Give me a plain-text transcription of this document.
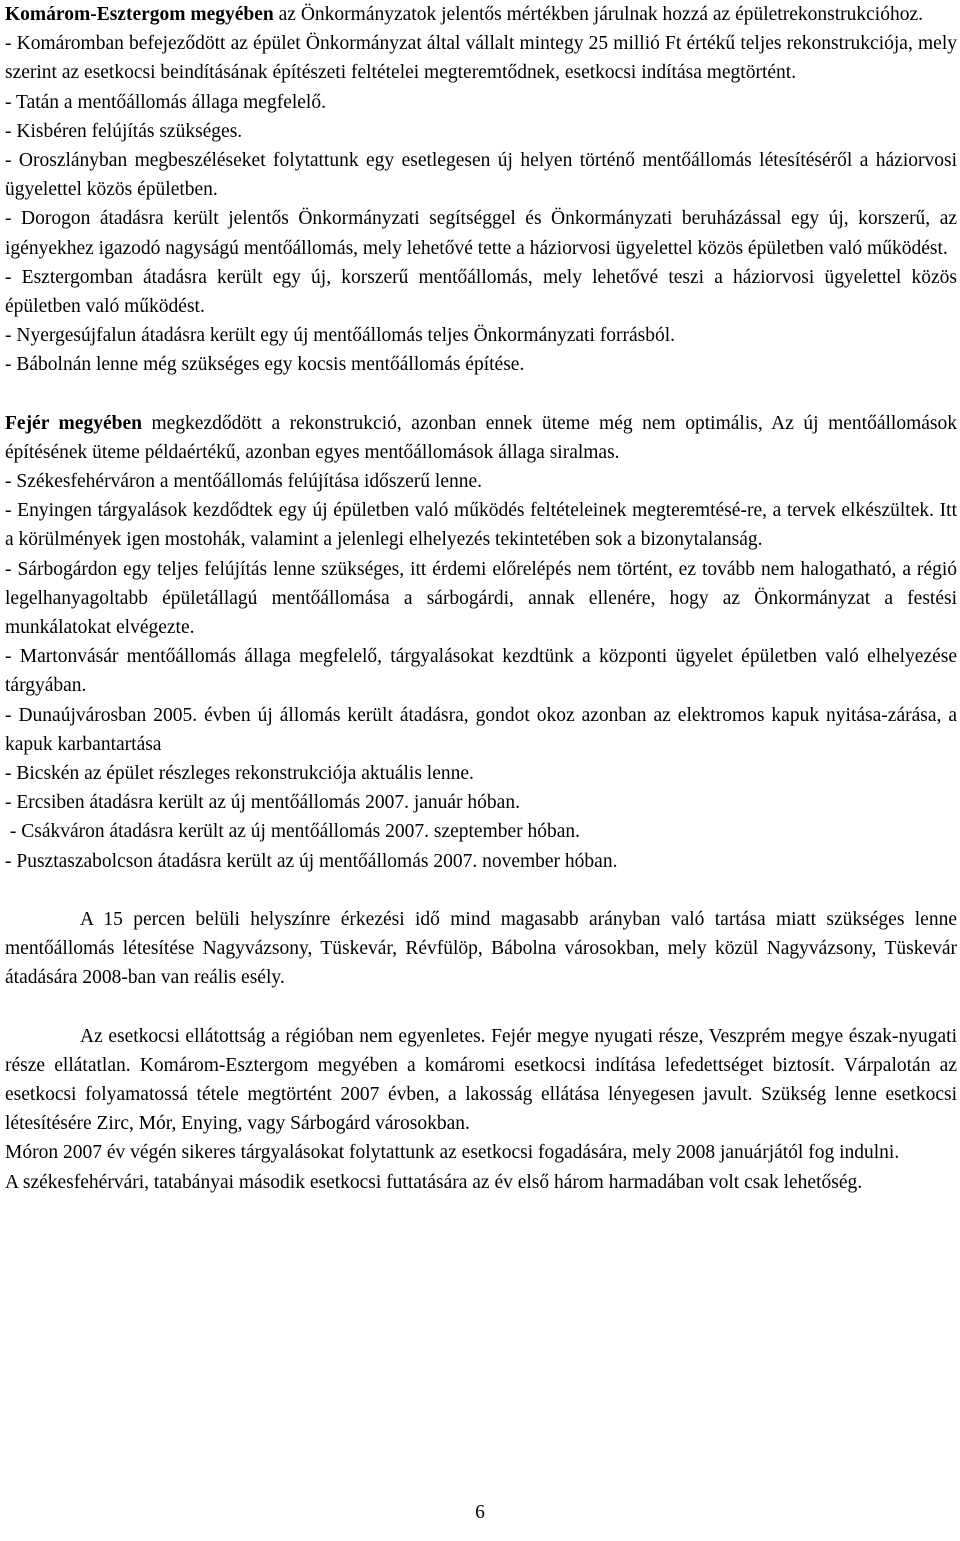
Komárom-Esztergom megyében az Önkormányzatok jelentős mértékben járulnak hozzá az épületrekonstrukcióhoz.

- Komáromban befejeződött az épület Önkormányzat által vállalt mintegy 25 millió Ft értékű teljes rekonstrukciója, mely szerint az esetkocsi beindításának építészeti feltételei megteremtődnek, esetkocsi indítása megtörtént.

- Tatán a mentőállomás állaga megfelelő.

- Kisbéren felújítás szükséges.

- Oroszlányban megbeszéléseket folytattunk egy esetlegesen új helyen történő mentőállomás létesítéséről a háziorvosi ügyelettel közös épületben.

- Dorogon átadásra került jelentős Önkormányzati segítséggel és Önkormányzati beruházással egy új, korszerű, az igényekhez igazodó nagyságú mentőállomás, mely lehetővé tette a háziorvosi ügyelettel közös épületben való működést.

- Esztergomban átadásra került egy új, korszerű mentőállomás, mely lehetővé teszi a háziorvosi ügyelettel közös épületben való működést.

- Nyergesújfalun átadásra került egy új mentőállomás teljes Önkormányzati forrásból.

- Bábolnán lenne még szükséges egy kocsis mentőállomás építése.

Fejér megyében megkezdődött a rekonstrukció, azonban ennek üteme még nem optimális, Az új mentőállomások építésének üteme példaértékű, azonban egyes mentőállomások állaga siralmas.

- Székesfehérváron a mentőállomás felújítása időszerű lenne.

- Enyingen tárgyalások kezdődtek egy új épületben való működés feltételeinek megteremtésé-re, a tervek elkészültek. Itt a körülmények igen mostohák, valamint a jelenlegi elhelyezés tekintetében sok a bizonytalanság.

- Sárbogárdon egy teljes felújítás lenne szükséges, itt érdemi előrelépés nem történt, ez tovább nem halogatható, a régió legelhanyagoltabb épületállagú mentőállomása a sárbogárdi, annak ellenére, hogy az Önkormányzat a festési munkálatokat elvégezte.

- Martonvásár mentőállomás állaga megfelelő, tárgyalásokat kezdtünk a központi ügyelet épületben való elhelyezése tárgyában.

- Dunaújvárosban 2005. évben új állomás került átadásra, gondot okoz azonban az elektromos kapuk nyitása-zárása, a kapuk karbantartása

- Bicskén az épület részleges rekonstrukciója aktuális lenne.

- Ercsiben átadásra került az új mentőállomás 2007. január hóban.

- Csákváron átadásra került az új mentőállomás 2007. szeptember hóban.

- Pusztaszabolcson átadásra került az új mentőállomás 2007. november hóban.

A 15 percen belüli helyszínre érkezési idő mind magasabb arányban való tartása miatt szükséges lenne mentőállomás létesítése Nagyvázsony, Tüskevár, Révfülöp, Bábolna városokban, mely közül Nagyvázsony, Tüskevár átadására 2008-ban van reális esély.

Az esetkocsi ellátottság a régióban nem egyenletes. Fejér megye nyugati része, Veszprém megye észak-nyugati része ellátatlan. Komárom-Esztergom megyében a komáromi esetkocsi indítása lefedettséget biztosít. Várpalotán az esetkocsi folyamatossá tétele megtörtént 2007 évben, a lakosság ellátása lényegesen javult. Szükség lenne esetkocsi létesítésére Zirc, Mór, Enying, vagy Sárbogárd városokban.

Móron 2007 év végén sikeres tárgyalásokat folytattunk az esetkocsi fogadására, mely 2008 januárjától fog indulni.

A székesfehérvári, tatabányai második esetkocsi futtatására az év első három harmadában volt csak lehetőség.

6
